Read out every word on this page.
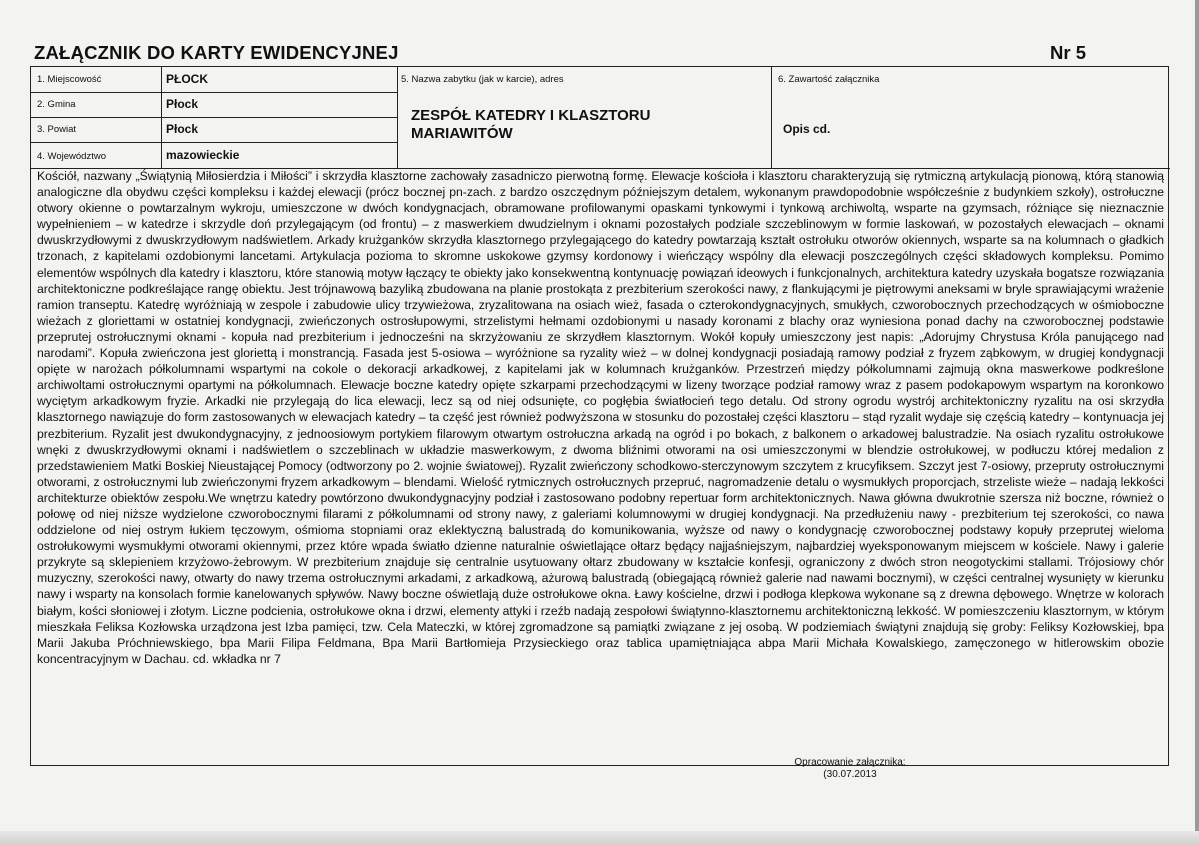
ZAŁĄCZNIK DO KARTY EWIDENCYJNEJ	Nr 5
1. Miejscowość	PŁOCK
2. Gmina	Płock
3. Powiat	Płock
4. Województwo	mazowieckie
5. Nazwa zabytku (jak w karcie), adres
ZESPÓŁ KATEDRY I KLASZTORU MARIAWITÓW
6. Zawartość załącznika
Opis cd.
Kościół, nazwany „Świątynią Miłosierdzia i Miłości” i skrzydła klasztorne zachowały zasadniczo pierwotną formę. Elewacje kościoła i klasztoru charakteryzują się rytmiczną artykulacją pionową, którą stanowią analogiczne dla obydwu części kompleksu i każdej elewacji (prócz bocznej pn-zach. z bardzo oszczędnym późniejszym detalem, wykonanym prawdopodobnie współcześnie z budynkiem szkoły), ostrołuczne otwory okienne o powtarzalnym wykroju, umieszczone w dwóch kondygnacjach, obramowane profilowanymi opaskami tynkowymi i tynkową archiwoltą, wsparte na gzymsach, różniące się nieznacznie wypełnieniem – w katedrze i skrzydle doń przylegającym (od frontu) – z maswerkiem dwudzielnym i oknami pozostałych podziale szczeblinowym w formie laskowań, w pozostałych elewacjach – oknami dwuskrzydłowymi z dwuskrzydłowym nadświetlem. Arkady krużganków skrzydła klasztornego przylegającego do katedry powtarzają kształt ostrołuku otworów okiennych, wsparte sa na kolumnach o gładkich trzonach, z kapitelami ozdobionymi lancetami. Artykulacja pozioma to skromne uskokowe gzymsy kordonowy i wieńczący wspólny dla elewacji poszczególnych części składowych kompleksu. Pomimo elementów wspólnych dla katedry i klasztoru, które stanowią motyw łączący te obiekty jako konsekwentną kontynuację powiązań ideowych i funkcjonalnych, architektura katedry uzyskała bogatsze rozwiązania architektoniczne podkreślające rangę obiektu. Jest trójnawową bazyliką zbudowana na planie prostokąta z prezbiterium szerokości nawy, z flankującymi je piętrowymi aneksami w bryle sprawiającymi wrażenie ramion transeptu. Katedrę wyróżniają w zespole i zabudowie ulicy trzywieżowa, zryzalitowana na osiach wież, fasada o czterokondygnacyjnych, smukłych, czworobocznych przechodzących w ośmioboczne wieżach z gloriettami w ostatniej kondygnacji, zwieńczonych ostrosłupowymi, strzelistymi hełmami ozdobionymi u nasady koronami z blachy oraz wyniesiona ponad dachy na czworobocznej podstawie przeprutej ostrołucznymi oknami - kopuła nad prezbiterium i jednocześni na skrzyżowaniu ze skrzydłem klasztornym. Wokół kopuły umieszczony jest napis: „Adorujmy Chrystusa Króla panującego nad narodami”. Kopuła zwieńczona jest gloriettą i monstrancją. Fasada jest 5-osiowa – wyróżnione sa ryzality wież – w dolnej kondygnacji posiadają ramowy podział z fryzem ząbkowym, w drugiej kondygnacji opięte w narożach półkolumnami wspartymi na cokole o dekoracji arkadkowej, z kapitelami jak w kolumnach krużganków. Przestrzeń między półkolumnami zajmują okna maswerkowe podkreślone archiwoltami ostrołucznymi opartymi na półkolumnach. Elewacje boczne katedry opięte szkarpami przechodzącymi w lizeny tworzące podział ramowy wraz z pasem podokapowym wspartym na koronkowo wyciętym arkadkowym fryzie. Arkadki nie przylegają do lica elewacji, lecz są od niej odsunięte, co pogłębia światłocień tego detalu. Od strony ogrodu wystrój architektoniczny ryzalitu na osi skrzydła klasztornego nawiązuje do form zastosowanych w elewacjach katedry – ta część jest również podwyższona w stosunku do pozostałej części klasztoru – stąd ryzalit wydaje się częścią katedry – kontynuacja jej prezbiterium. Ryzalit jest dwukondygnacyjny, z jednoosiowym portykiem filarowym otwartym ostrołuczna arkadą na ogród i po bokach, z balkonem o arkadowej balustradzie. Na osiach ryzalitu ostrołukowe wnęki z dwuskrzydłowymi oknami i nadświetlem o szczeblinach w układzie maswerkowym, z dwoma bliźnimi otworami na osi umieszczonymi w blendzie ostrołukowej, w podłuczu której medalion z przedstawieniem Matki Boskiej Nieustającej Pomocy (odtworzony po 2. wojnie światowej). Ryzalit zwieńczony schodkowo-sterczynowym szczytem z krucyfiksem. Szczyt jest 7-osiowy, przepruty ostrołucznymi otworami, z ostrołucznymi lub zwieńczonymi fryzem arkadkowym – blendami. Wielość rytmicznych ostrołucznych przepruć, nagromadzenie detalu o wysmukłych proporcjach, strzeliste wieże – nadają lekkości architekturze obiektów zespołu.We wnętrzu katedry powtórzono dwukondygnacyjny podział i zastosowano podobny repertuar form architektonicznych. Nawa główna dwukrotnie szersza niż boczne, również o połowę od niej niższe wydzielone czworobocznymi filarami z półkolumnami od strony nawy, z galeriami kolumnowymi w drugiej kondygnacji. Na przedłużeniu nawy - prezbiterium tej szerokości, co nawa oddzielone od niej ostrym łukiem tęczowym, ośmioma stopniami oraz eklektyczną balustradą do komunikowania, wyższe od nawy o kondygnację czworobocznej podstawy kopuły przeprutej wieloma ostrołukowymi wysmukłymi otworami okiennymi, przez które wpada światło dzienne naturalnie oświetlające ołtarz będący najjaśniejszym, najbardziej wyeksponowanym miejscem w kościele. Nawy i galerie przykryte są sklepieniem krzyżowo-żebrowym. W prezbiterium znajduje się centralnie usytuowany ołtarz zbudowany w kształcie konfesji, ograniczony z dwóch stron neogotyckimi stallami. Trójosiowy chór muzyczny, szerokości nawy, otwarty do nawy trzema ostrołucznymi arkadami, z arkadkową, ażurową balustradą (obiegającą również galerie nad nawami bocznymi), w części centralnej wysunięty w kierunku nawy i wsparty na konsolach formie kanelowanych spływów. Nawy boczne oświetlają duże ostrołukowe okna. Ławy kościelne, drzwi i podłoga klepkowa wykonane są z drewna dębowego. Wnętrze w kolorach białym, kości słoniowej i złotym. Liczne podcienia, ostrołukowe okna i drzwi, elementy attyki i rzeźb nadają zespołowi świątynno-klasztornemu architektoniczną lekkość. W pomieszczeniu klasztornym, w którym mieszkała Feliksa Kozłowska urządzona jest Izba pamięci, tzw. Cela Mateczki, w której zgromadzone są pamiątki związane z jej osobą. W podziemiach świątyni znajdują się groby: Feliksy Kozłowskiej, bpa Marii Jakuba Próchniewskiego, bpa Marii Filipa Feldmana, Bpa Marii Bartłomieja Przysieckiego oraz tablica upamiętniająca abpa Marii Michała Kowalskiego, zamęczonego w hitlerowskim obozie koncentracyjnym w Dachau. cd. wkładka nr 7
Opracowanie załącznika:
(30.07.2013
